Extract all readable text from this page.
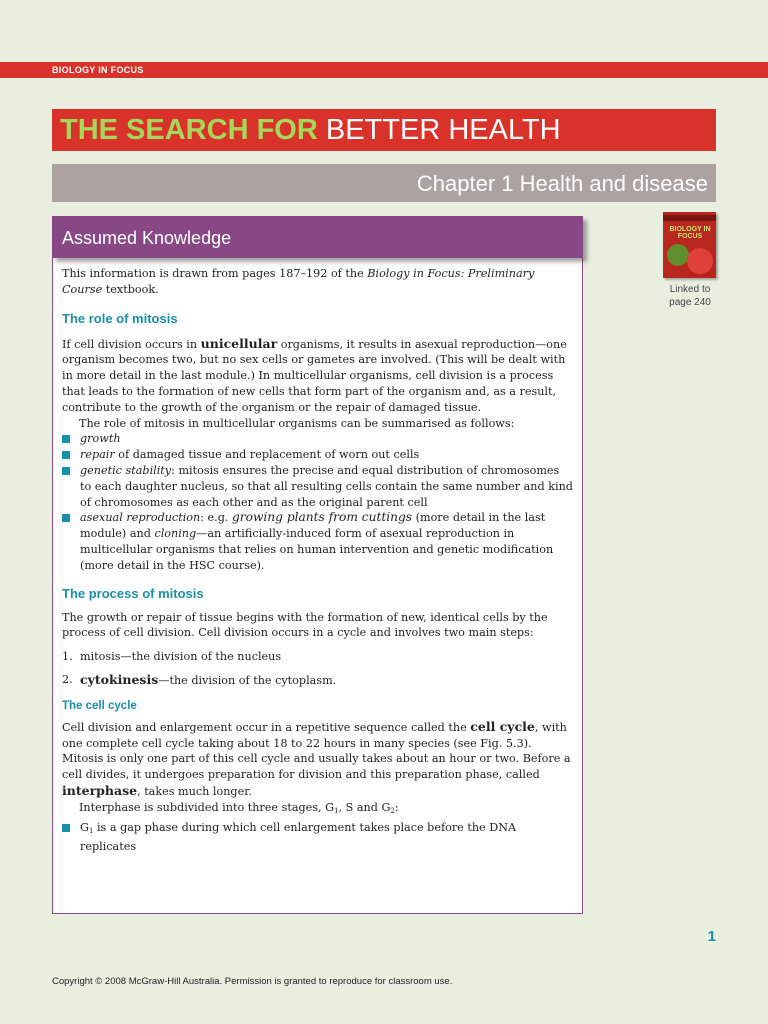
BIOLOGY IN FOCUS
THE SEARCH FOR BETTER HEALTH
Chapter 1 Health and disease
Assumed Knowledge

This information is drawn from pages 187–192 of the Biology in Focus: Preliminary Course textbook.

The role of mitosis

If cell division occurs in unicellular organisms, it results in asexual reproduction—one organism becomes two, but no sex cells or gametes are involved. (This will be dealt with in more detail in the last module.) In multicellular organisms, cell division is a process that leads to the formation of new cells that form part of the organism and, as a result, contribute to the growth of the organism or the repair of damaged tissue.

The role of mitosis in multicellular organisms can be summarised as follows:

growth
repair of damaged tissue and replacement of worn out cells
genetic stability: mitosis ensures the precise and equal distribution of chromosomes to each daughter nucleus, so that all resulting cells contain the same number and kind of chromosomes as each other and as the original parent cell
asexual reproduction: e.g. growing plants from cuttings (more detail in the last module) and cloning—an artificially-induced form of asexual reproduction in multicellular organisms that relies on human intervention and genetic modification (more detail in the HSC course).

The process of mitosis

The growth or repair of tissue begins with the formation of new, identical cells by the process of cell division. Cell division occurs in a cycle and involves two main steps:

1. mitosis—the division of the nucleus
2. cytokinesis—the division of the cytoplasm.

The cell cycle

Cell division and enlargement occur in a repetitive sequence called the cell cycle, with one complete cell cycle taking about 18 to 22 hours in many species (see Fig. 5.3). Mitosis is only one part of this cell cycle and usually takes about an hour or two. Before a cell divides, it undergoes preparation for division and this preparation phase, called interphase, takes much longer.

Interphase is subdivided into three stages, $G_1$, S and $G_2$:

$G_1$ is a gap phase during which cell enlargement takes place before the DNA replicates
BIOLOGY IN FOCUS
Linked to
page 240
1
Copyright © 2008 McGraw-Hill Australia. Permission is granted to reproduce for classroom use.
